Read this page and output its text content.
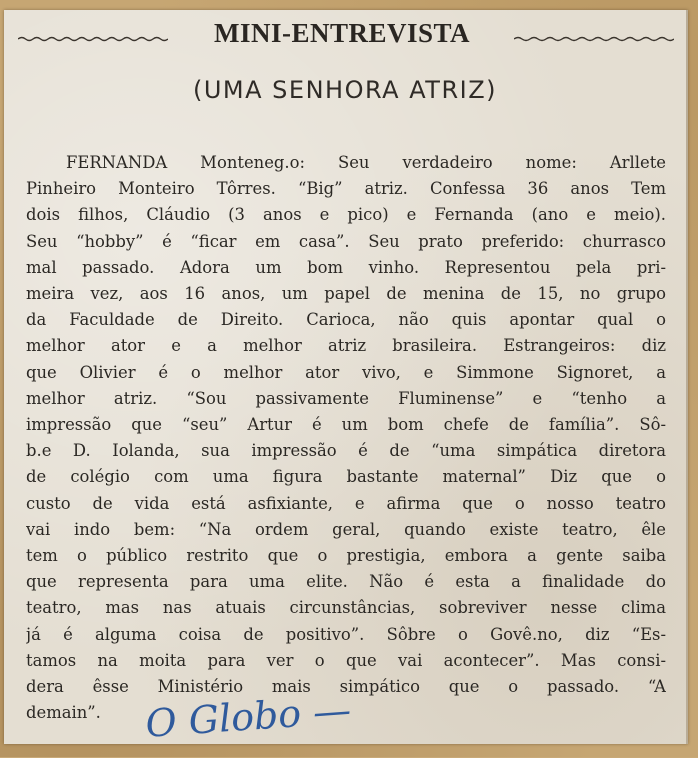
MINI-ENTREVISTA
(UMA SENHORA ATRIZ)
FERNANDA Monteneg.o: Seu verdadeiro nome: Arllete
Pinheiro Monteiro Tôrres. “Big” atriz. Confessa 36 anos Tem
dois filhos, Cláudio (3 anos e pico) e Fernanda (ano e meio).
Seu “hobby” é “ficar em casa”. Seu prato preferido: churrasco
mal passado. Adora um bom vinho. Representou pela pri-
meira vez, aos 16 anos, um papel de menina de 15, no grupo
da Faculdade de Direito. Carioca, não quis apontar qual o
melhor ator e a melhor atriz brasileira. Estrangeiros: diz
que Olivier é o melhor ator vivo, e Simmone Signoret, a
melhor atriz. “Sou passivamente Fluminense” e “tenho a
impressão que “seu” Artur é um bom chefe de família”. Sô-
b.e D. Iolanda, sua impressão é de “uma simpática diretora
de colégio com uma figura bastante maternal” Diz que o
custo de vida está asfixiante, e afirma que o nosso teatro
vai indo bem: “Na ordem geral, quando existe teatro, êle
tem o público restrito que o prestigia, embora a gente saiba
que representa para uma elite. Não é esta a finalidade do
teatro, mas nas atuais circunstâncias, sobreviver nesse clima
já é alguma coisa de positivo”. Sôbre o Govê.no, diz “Es-
tamos na moita para ver o que vai acontecer”. Mas consi-
dera êsse Ministério mais simpático que o passado. “A
demain”.	O Globo —
